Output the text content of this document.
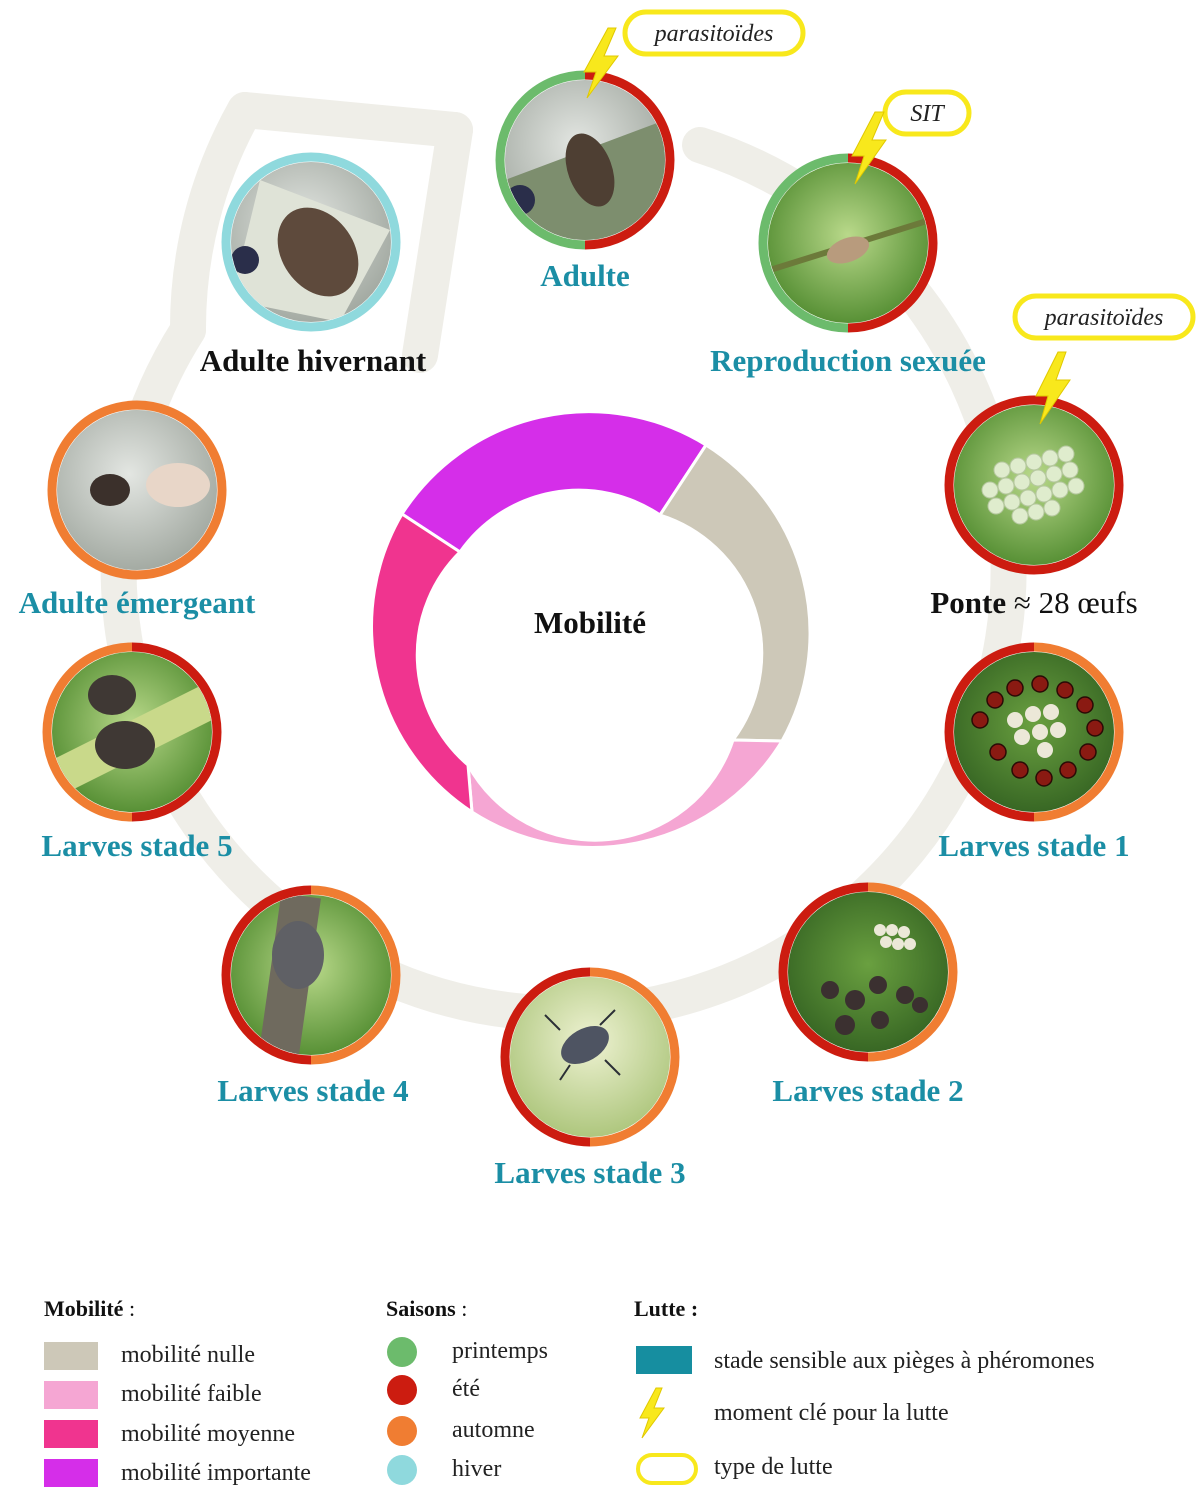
Mobilité
Adulte
Reproduction sexuée
Ponte ≈ 28 œufs
Larves stade 1
Larves stade 2
Larves stade 3
Larves stade 4
Larves stade 5
Adulte émergeant
Adulte hivernant
parasitoïdes
SIT
parasitoïdes
Mobilité :
mobilité nulle
mobilité faible
mobilité moyenne
mobilité importante
Saisons :
printemps
été
automne
hiver
Lutte :
stade sensible aux pièges à phéromones
moment clé pour la lutte
type de lutte
